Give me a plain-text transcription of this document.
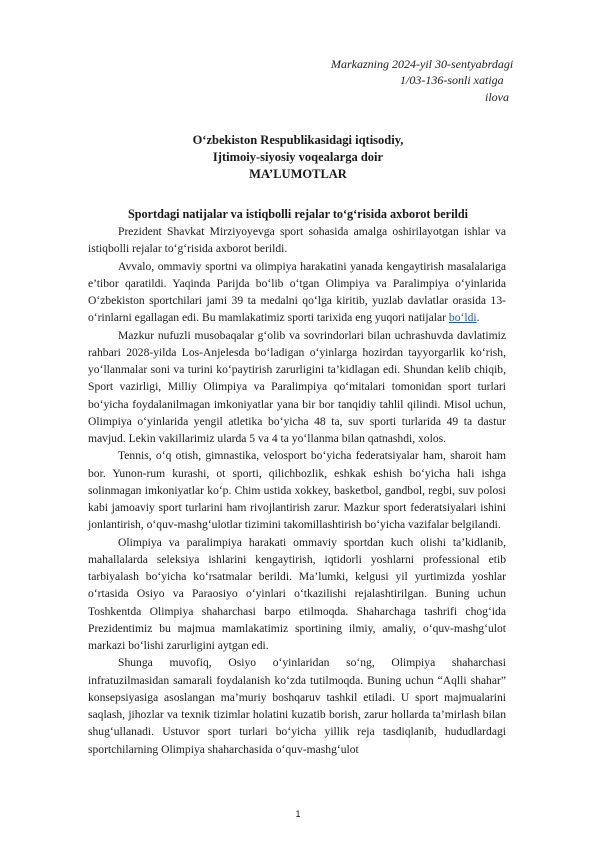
Markazning 2024-yil 30-sentyabrdagi
1/03-136-sonli xatiga
ilova
O‘zbekiston Respublikasidagi iqtisodiy,
Ijtimoiy-siyosiy voqealarga doir
MA’LUMOTLAR
Sportdagi natijalar va istiqbolli rejalar to‘g‘risida axborot berildi

Prezident Shavkat Mirziyoyevga sport sohasida amalga oshirilayotgan ishlar va istiqbolli rejalar to‘g‘risida axborot berildi.

Avvalo, ommaviy sportni va olimpiya harakatini yanada kengaytirish masalalariga e’tibor qaratildi. Yaqinda Parijda bo‘lib o‘tgan Olimpiya va Paralimpiya o‘yinlarida O‘zbekiston sportchilari jami 39 ta medalni qo‘lga kiritib, yuzlab davlatlar orasida 13-o‘rinlarni egallagan edi. Bu mamlakatimiz sporti tarixida eng yuqori natijalar bo‘ldi.

Mazkur nufuzli musobaqalar g‘olib va sovrindorlari bilan uchrashuvda davlatimiz rahbari 2028-yilda Los-Anjelesda bo‘ladigan o‘yinlarga hozirdan tayyorgarlik ko‘rish, yo‘llanmalar soni va turini ko‘paytirish zarurligini ta’kidlagan edi. Shundan kelib chiqib, Sport vazirligi, Milliy Olimpiya va Paralimpiya qo‘mitalari tomonidan sport turlari bo‘yicha foydalanilmagan imkoniyatlar yana bir bor tanqidiy tahlil qilindi. Misol uchun, Olimpiya o‘yinlarida yengil atletika bo‘yicha 48 ta, suv sporti turlarida 49 ta dastur mavjud. Lekin vakillarimiz ularda 5 va 4 ta yo‘llanma bilan qatnashdi, xolos.

Tennis, o‘q otish, gimnastika, velosport bo‘yicha federatsiyalar ham, sharoit ham bor. Yunon-rum kurashi, ot sporti, qilichbozlik, eshkak eshish bo‘yicha hali ishga solinmagan imkoniyatlar ko‘p. Chim ustida xokkey, basketbol, gandbol, regbi, suv polosi kabi jamoaviy sport turlarini ham rivojlantirish zarur. Mazkur sport federatsiyalari ishini jonlantirish, o‘quv-mashg‘ulotlar tizimini takomillashtirish bo‘yicha vazifalar belgilandi.

Olimpiya va paralimpiya harakati ommaviy sportdan kuch olishi ta’kidlanib, mahallalarda seleksiya ishlarini kengaytirish, iqtidorli yoshlarni professional etib tarbiyalash bo‘yicha ko‘rsatmalar berildi. Ma’lumki, kelgusi yil yurtimizda yoshlar o‘rtasida Osiyo va Paraosiyo o‘yinlari o‘tkazilishi rejalashtirilgan. Buning uchun Toshkentda Olimpiya shaharchasi barpo etilmoqda. Shaharchaga tashrifi chog‘ida Prezidentimiz bu majmua mamlakatimiz sportining ilmiy, amaliy, o‘quv-mashg‘ulot markazi bo‘lishi zarurligini aytgan edi.

Shunga muvofiq, Osiyo o‘yinlaridan so‘ng, Olimpiya shaharchasi infratuzilmasidan samarali foydalanish ko‘zda tutilmoqda. Buning uchun “Aqlli shahar” konsepsiyasiga asoslangan ma’muriy boshqaruv tashkil etiladi. U sport majmualarini saqlash, jihozlar va texnik tizimlar holatini kuzatib borish, zarur hollarda ta’mirlash bilan shug‘ullanadi. Ustuvor sport turlari bo‘yicha yillik reja tasdiqlanib, hududlardagi sportchilarning Olimpiya shaharchasida o‘quv-mashg‘ulot

1
